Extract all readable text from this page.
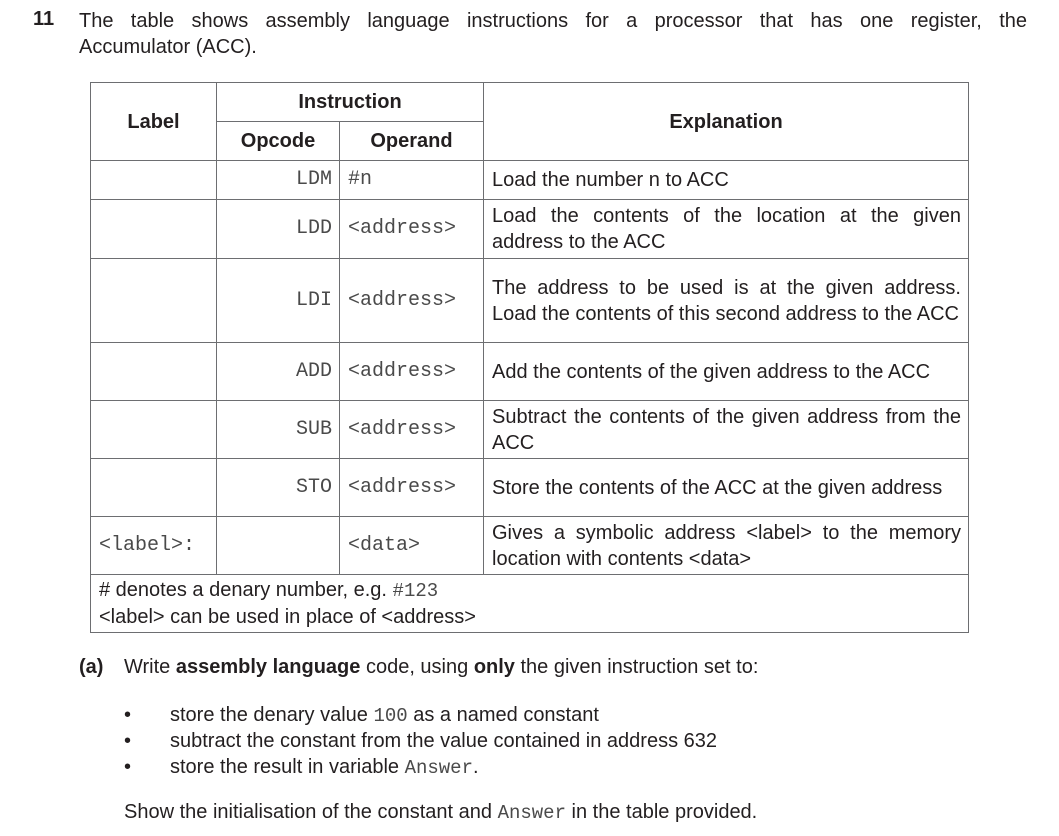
11 The table shows assembly language instructions for a processor that has one register, the
Accumulator (ACC).
Label	Instruction		Explanation
	Opcode	Operand	
	LDM	#n	Load the number n to ACC
	LDD	<address>	Load the contents of the location at the given address to the ACC
	LDI	<address>	The address to be used is at the given address. Load the contents of this second address to the ACC
	ADD	<address>	Add the contents of the given address to the ACC
	SUB	<address>	Subtract the contents of the given address from the ACC
	STO	<address>	Store the contents of the ACC at the given address
<label>:		<data>	Gives a symbolic address <label> to the memory location with contents <data>
# denotes a denary number, e.g. #123
<label> can be used in place of <address>			
(a) Write assembly language code, using only the given instruction set to:
• store the denary value 100 as a named constant
• subtract the constant from the value contained in address 632
• store the result in variable Answer.
Show the initialisation of the constant and Answer in the table provided.
